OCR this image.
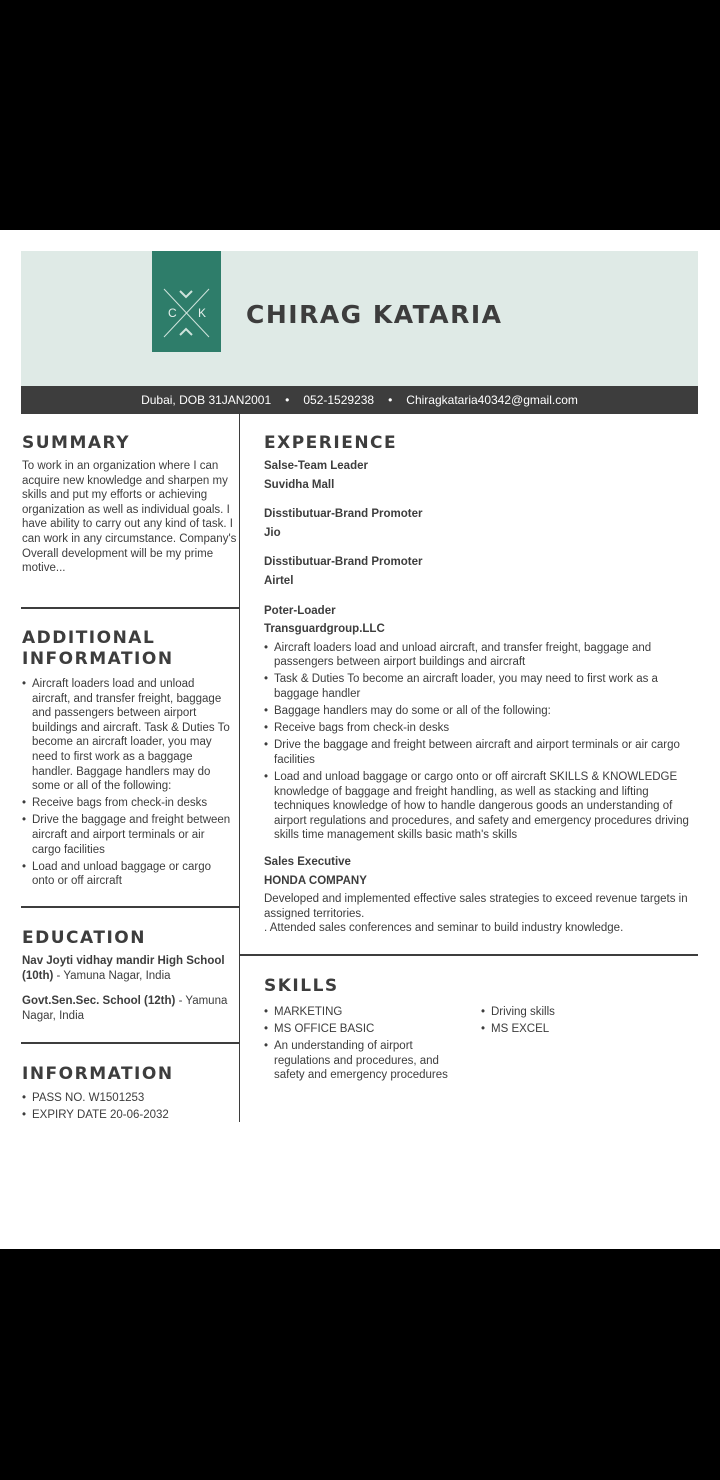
C K CHIRAG KATARIA
Dubai, DOB 31JAN2001 • 052-1529238 • Chiragkataria40342@gmail.com
SUMMARY

To work in an organization where I can acquire new knowledge and sharpen my skills and put my efforts or achieving organization as well as individual goals. I have ability to carry out any kind of task. I can work in any circumstance. Company's Overall development will be my prime motive...

ADDITIONAL
INFORMATION
• Aircraft loaders load and unload aircraft, and transfer freight, baggage and passengers between airport buildings and aircraft. Task & Duties To become an aircraft loader, you may need to first work as a baggage handler. Baggage handlers may do some or all of the following:
• Receive bags from check-in desks
• Drive the baggage and freight between aircraft and airport terminals or air cargo facilities
• Load and unload baggage or cargo onto or off aircraft
EDUCATION

Nav Joyti vidhay mandir High School (10th) - Yamuna Nagar, India

Govt.Sen.Sec. School (12th) - Yamuna Nagar, India

INFORMATION
• PASS NO. W1501253
• EXPIRY DATE 20-06-2032
EXPERIENCE
Salse-Team Leader
Suvidha Mall
Disstibutuar-Brand Promoter
Jio
Disstibutuar-Brand Promoter
Airtel
Poter-Loader
Transguardgroup.LLC
• Aircraft loaders load and unload aircraft, and transfer freight, baggage and passengers between airport buildings and aircraft
• Task & Duties To become an aircraft loader, you may need to first work as a baggage handler
• Baggage handlers may do some or all of the following:
• Receive bags from check-in desks
• Drive the baggage and freight between aircraft and airport terminals or air cargo facilities
• Load and unload baggage or cargo onto or off aircraft SKILLS & KNOWLEDGE knowledge of baggage and freight handling, as well as stacking and lifting techniques knowledge of how to handle dangerous goods an understanding of airport regulations and procedures, and safety and emergency procedures driving skills time management skills basic math's skills
Sales Executive
HONDA COMPANY

Developed and implemented effective sales strategies to exceed revenue targets in assigned territories.

. Attended sales conferences and seminar to build industry knowledge.

SKILLS
• MARKETING
• MS OFFICE BASIC
• An understanding of airport regulations and procedures, and safety and emergency procedures
• Driving skills
• MS EXCEL
